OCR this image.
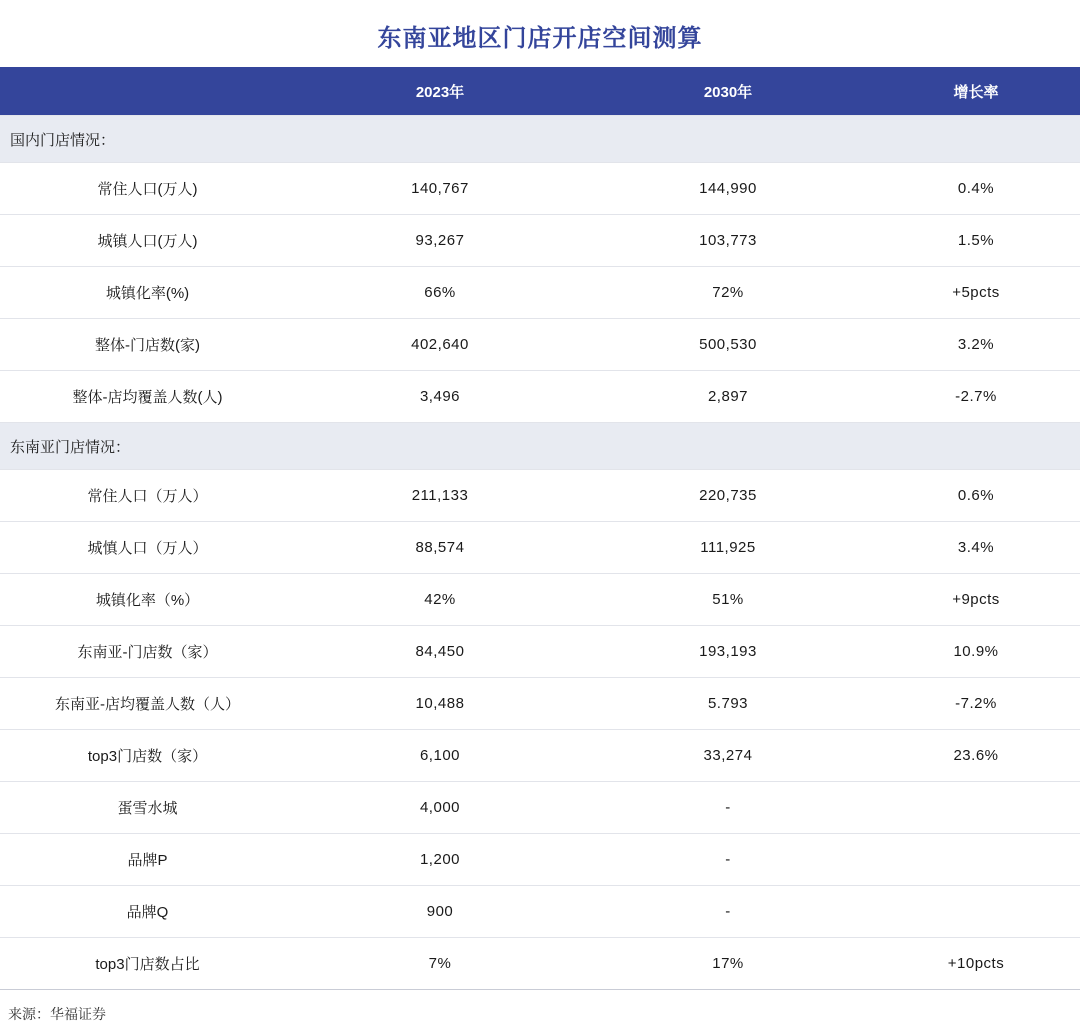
东南亚地区门店开店空间测算
	2023年	2030年	增长率
国内门店情况：			
常住人口(万人)	140,767	144,990	0.4%
城镇人口(万人)	93,267	103,773	1.5%
城镇化率(%)	66%	72%	+5pcts
整体-门店数(家)	402,640	500,530	3.2%
整体-店均覆盖人数(人)	3,496	2,897	-2.7%
东南亚门店情况：			
常住人口（万人）	211,133	220,735	0.6%
城慎人口（万人）	88,574	111,925	3.4%
城镇化率（%）	42%	51%	+9pcts
东南亚-门店数（家）	84,450	193,193	10.9%
东南亚-店均覆盖人数（人）	10,488	5.793	-7.2%
top3门店数（家）	6,100	33,274	23.6%
蛋雪水城	4,000	-	
品牌P	1,200	-	
品牌Q	900	-	
top3门店数占比	7%	17%	+10pcts
来源：华福证券
